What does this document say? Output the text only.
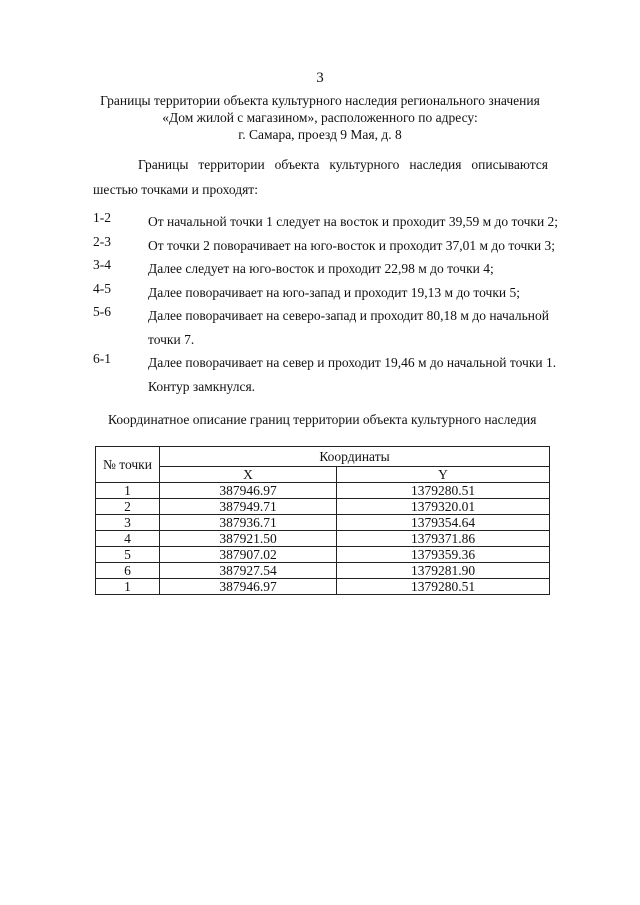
3
Границы территории объекта культурного наследия регионального значения
«Дом жилой с магазином», расположенного по адресу:
г. Самара, проезд 9 Мая, д. 8
Границы территории объекта культурного наследия описываются
шестью точками и проходят:
1-2	От начальной точки 1 следует на восток и проходит 39,59 м до точки 2;
2-3	От точки 2 поворачивает на юго-восток и проходит 37,01 м до точки 3;
3-4	Далее следует на юго-восток и проходит 22,98 м до точки 4;
4-5	Далее поворачивает на юго-запад и проходит 19,13 м до точки 5;
5-6	Далее поворачивает на северо-запад и проходит 80,18 м до начальной точки 7.
6-1	Далее поворачивает на север и проходит 19,46 м до начальной точки 1. Контур замкнулся.
Координатное описание границ территории объекта культурного наследия
№ точки	Координаты	
	X	Y
1	387946.97	1379280.51
2	387949.71	1379320.01
3	387936.71	1379354.64
4	387921.50	1379371.86
5	387907.02	1379359.36
6	387927.54	1379281.90
1	387946.97	1379280.51
